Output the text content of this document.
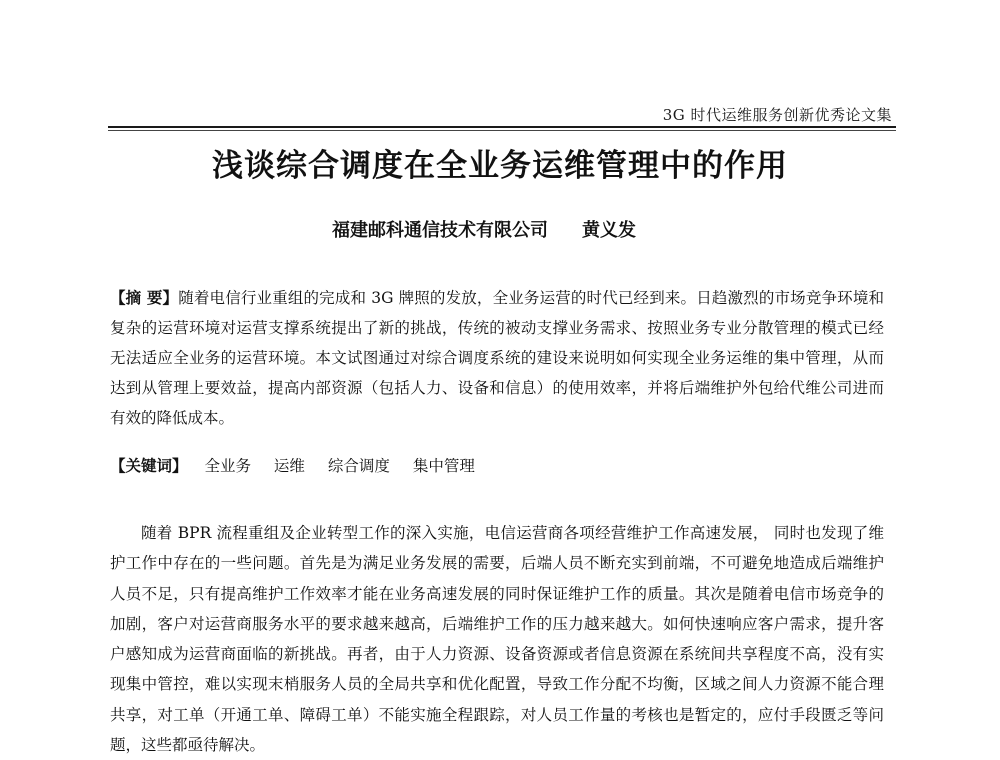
3G 时代运维服务创新优秀论文集
浅谈综合调度在全业务运维管理中的作用
福建邮科通信技术有限公司 黄义发
【摘 要】随着电信行业重组的完成和 3G 牌照的发放，全业务运营的时代已经到来。日趋激烈的市场竞争环境和复杂的运营环境对运营支撑系统提出了新的挑战，传统的被动支撑业务需求、按照业务专业分散管理的模式已经无法适应全业务的运营环境。本文试图通过对综合调度系统的建设来说明如何实现全业务运维的集中管理，从而达到从管理上要效益，提高内部资源（包括人力、设备和信息）的使用效率，并将后端维护外包给代维公司进而有效的降低成本。
【关键词】 全业务 运维 综合调度 集中管理
随着 BPR 流程重组及企业转型工作的深入实施，电信运营商各项经营维护工作高速发展， 同时也发现了维护工作中存在的一些问题。首先是为满足业务发展的需要，后端人员不断充实到前端，不可避免地造成后端维护人员不足，只有提高维护工作效率才能在业务高速发展的同时保证维护工作的质量。其次是随着电信市场竞争的加剧，客户对运营商服务水平的要求越来越高，后端维护工作的压力越来越大。如何快速响应客户需求，提升客户感知成为运营商面临的新挑战。再者，由于人力资源、设备资源或者信息资源在系统间共享程度不高，没有实现集中管控，难以实现末梢服务人员的全局共享和优化配置，导致工作分配不均衡，区域之间人力资源不能合理共享，对工单（开通工单、障碍工单）不能实施全程跟踪，对人员工作量的考核也是暂定的，应付手段匮乏等问题，这些都亟待解决。
